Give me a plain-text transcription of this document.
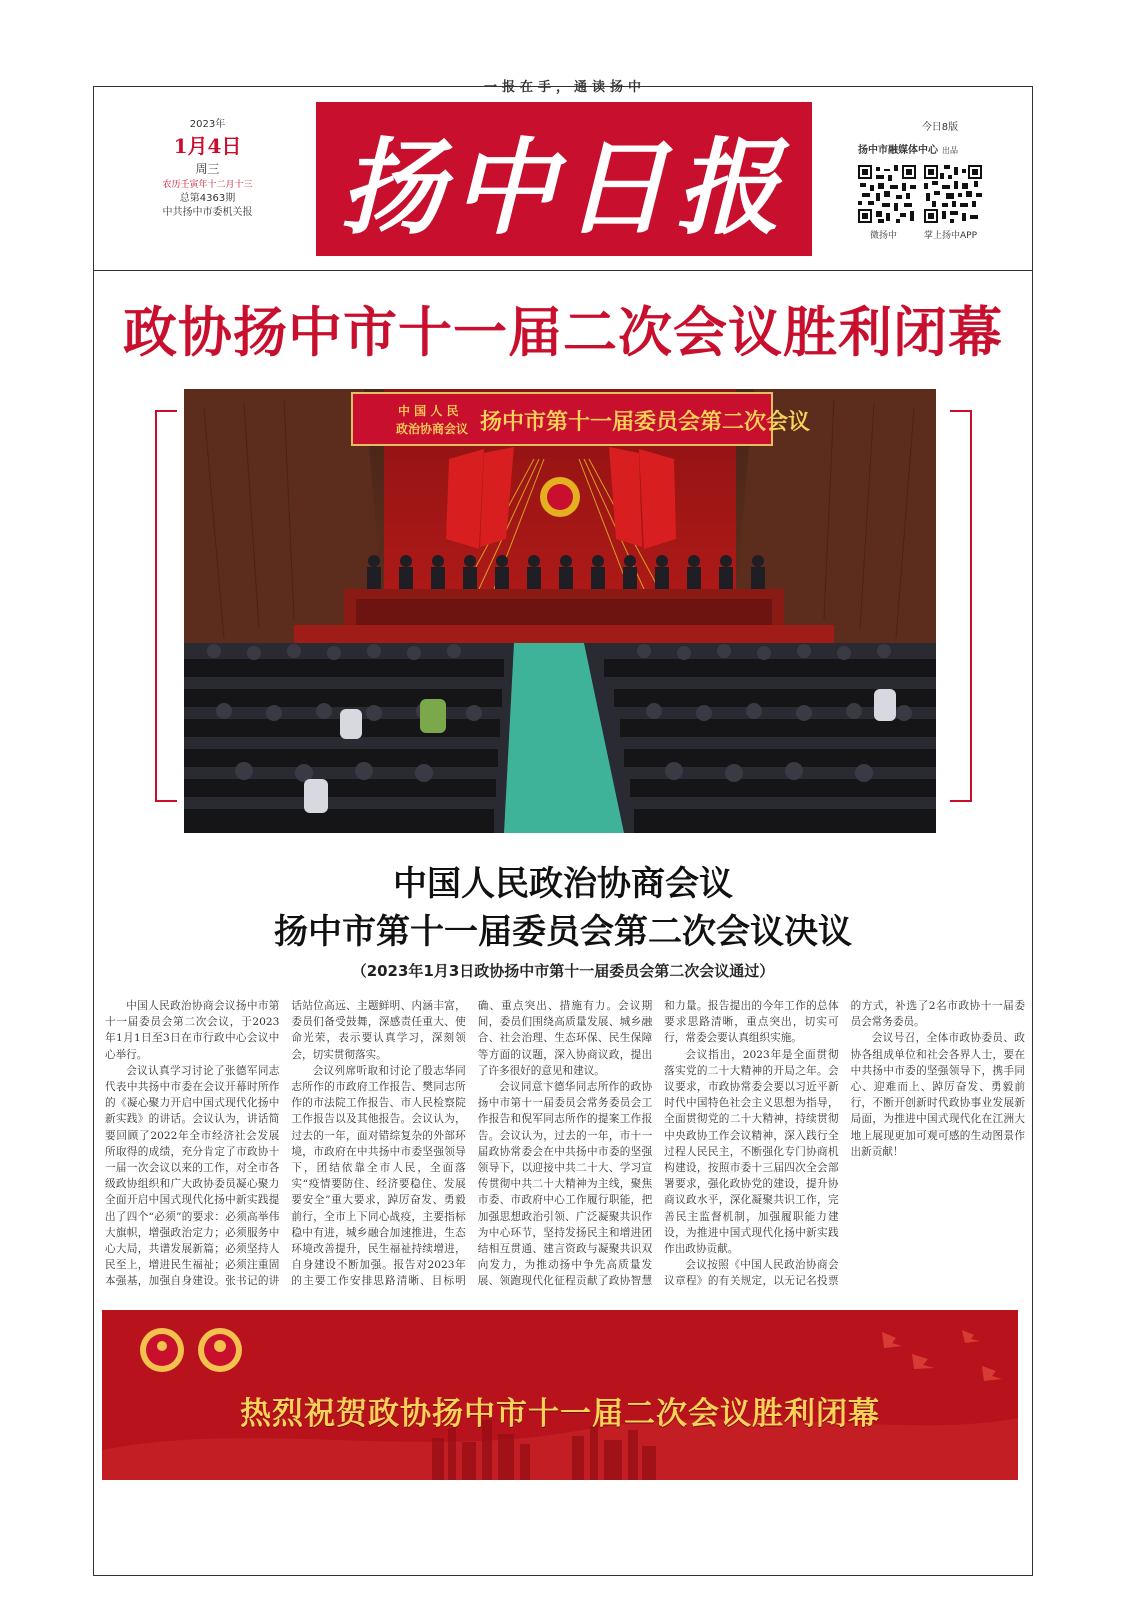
一报在手，通读扬中
2023年
1月4日
周三
农历壬寅年十二月十三
总第4363期
中共扬中市委机关报 扬中日报	今日8版
扬中市融媒体中心 出品
微扬中	掌上扬中APP
政协扬中市十一届二次会议胜利闭幕
中 国 人 民
政治协商会议 扬中市第十一届委员会第二次会议
中国人民政治协商会议
扬中市第十一届委员会第二次会议决议
（2023年1月3日政协扬中市第十一届委员会第二次会议通过）

中国人民政治协商会议扬中市第十一届委员会第二次会议，于2023年1月1日至3日在市行政中心会议中心举行。

会议认真学习讨论了张德军同志代表中共扬中市委在会议开幕时所作的《凝心聚力开启中国式现代化扬中新实践》的讲话。会议认为，讲话简要回顾了2022年全市经济社会发展所取得的成绩，充分肯定了市政协十一届一次会议以来的工作，对全市各级政协组织和广大政协委员凝心聚力全面开启中国式现代化扬中新实践提出了四个“必须”的要求：必须高举伟大旗帜，增强政治定力；必须服务中心大局，共谱发展新篇；必须坚持人民至上，增进民生福祉；必须注重固本强基，加强自身建设。张书记的讲话站位高远、主题鲜明、内涵丰富，委员们备受鼓舞，深感责任重大、使命光荣，表示要认真学习，深刻领会，切实贯彻落实。

会议列席听取和讨论了殷志华同志所作的市政府工作报告、樊同志所作的市法院工作报告、市人民检察院工作报告以及其他报告。会议认为，过去的一年，面对错综复杂的外部环境，市政府在中共扬中市委坚强领导下，团结依靠全市人民，全面落实“疫情要防住、经济要稳住、发展要安全”重大要求，踔厉奋发、勇毅前行，全市上下同心战疫，主要指标稳中有进，城乡融合加速推进，生态环境改善提升，民生福祉持续增进，自身建设不断加强。报告对2023年的主要工作安排思路清晰、目标明确、重点突出、措施有力。会议期间，委员们围绕高质量发展、城乡融合、社会治理、生态环保、民生保障等方面的议题，深入协商议政，提出了许多很好的意见和建议。

会议同意卞德华同志所作的政协扬中市第十一届委员会常务委员会工作报告和倪军同志所作的提案工作报告。会议认为，过去的一年，市十一届政协常委会在中共扬中市委的坚强领导下，以迎接中共二十大、学习宣传贯彻中共二十大精神为主线，聚焦市委、市政府中心工作履行职能，把加强思想政治引领、广泛凝聚共识作为中心环节，坚持发扬民主和增进团结相互贯通、建言资政与凝聚共识双向发力，为推动扬中争先高质量发展、领跑现代化征程贡献了政协智慧和力量。报告提出的今年工作的总体要求思路清晰，重点突出，切实可行，常委会要认真组织实施。

会议指出，2023年是全面贯彻落实党的二十大精神的开局之年。会议要求，市政协常委会要以习近平新时代中国特色社会主义思想为指导，全面贯彻党的二十大精神，持续贯彻中央政协工作会议精神，深入践行全过程人民民主，不断强化专门协商机构建设，按照市委十三届四次全会部署要求，强化政协党的建设，提升协商议政水平，深化凝聚共识工作，完善民主监督机制，加强履职能力建设，为推进中国式现代化扬中新实践作出政协贡献。

会议按照《中国人民政治协商会议章程》的有关规定，以无记名投票的方式，补选了2名市政协十一届委员会常务委员。

会议号召，全体市政协委员、政协各组成单位和社会各界人士，要在中共扬中市委的坚强领导下，携手同心、迎难而上、踔厉奋发、勇毅前行，不断开创新时代政协事业发展新局面，为推进中国式现代化在江洲大地上展现更加可观可感的生动图景作出新贡献！

热烈祝贺政协扬中市十一届二次会议胜利闭幕
